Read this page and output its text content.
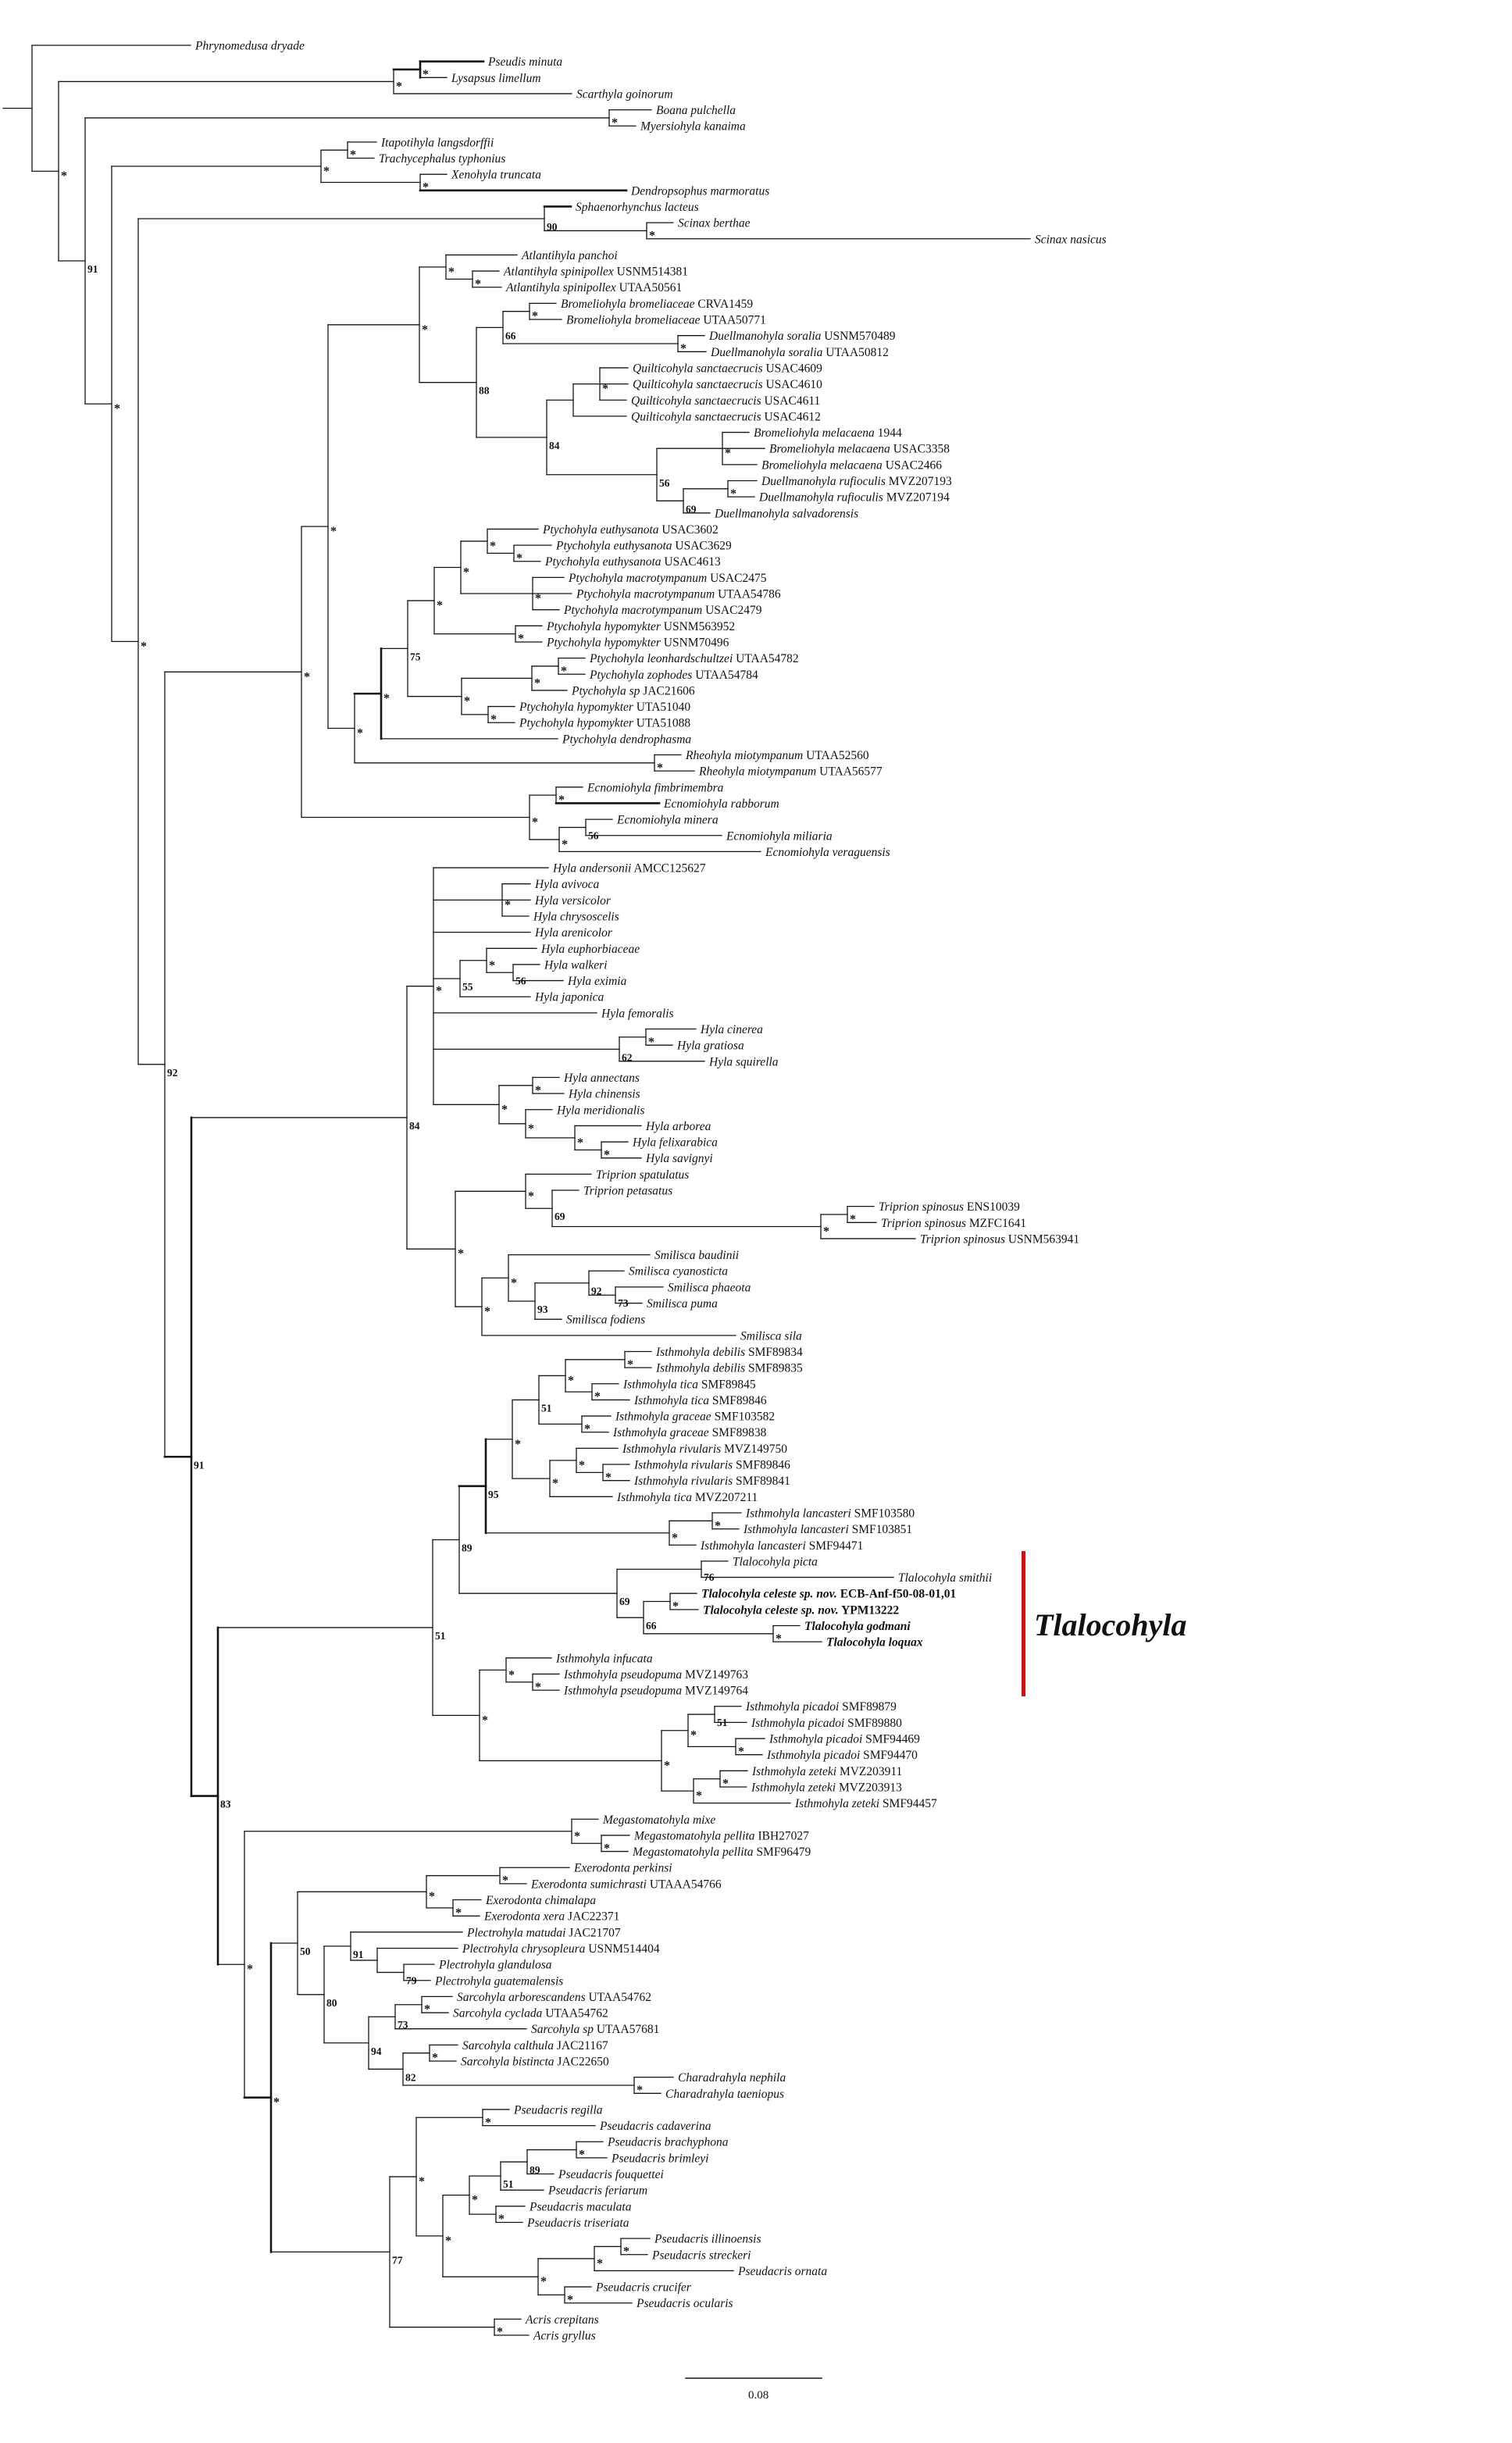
Phrynomedusa dryade
Pseudis minuta
Lysapsus limellum
*
Scarthyla goinorum
*
Boana pulchella
Myersiohyla kanaima
*
Itapotihyla langsdorffii
Trachycephalus typhonius
*
Xenohyla truncata
Dendropsophus marmoratus
*
*
Sphaenorhynchus lacteus
Scinax berthae
Scinax nasicus
*
90
Atlantihyla panchoi
Atlantihyla spinipollex USNM514381
Atlantihyla spinipollex UTAA50561
*
*
Bromeliohyla bromeliaceae CRVA1459
Bromeliohyla bromeliaceae UTAA50771
*
Duellmanohyla soralia USNM570489
Duellmanohyla soralia UTAA50812
*
66
Quilticohyla sanctaecrucis USAC4609
Quilticohyla sanctaecrucis USAC4610
Quilticohyla sanctaecrucis USAC4611
*
Quilticohyla sanctaecrucis USAC4612
Bromeliohyla melacaena 1944
Bromeliohyla melacaena USAC3358
Bromeliohyla melacaena USAC2466
*
Duellmanohyla rufioculis MVZ207193
Duellmanohyla rufioculis MVZ207194
*
Duellmanohyla salvadorensis
69
56
84
88
*
Ptychohyla euthysanota USAC3602
Ptychohyla euthysanota USAC3629
Ptychohyla euthysanota USAC4613
*
*
Ptychohyla macrotympanum USAC2475
Ptychohyla macrotympanum UTAA54786
Ptychohyla macrotympanum USAC2479
*
*
Ptychohyla hypomykter USNM563952
Ptychohyla hypomykter USNM70496
*
*
Ptychohyla leonhardschultzei UTAA54782
Ptychohyla zophodes UTAA54784
*
Ptychohyla sp JAC21606
*
Ptychohyla hypomykter UTA51040
Ptychohyla hypomykter UTA51088
*
*
75
Ptychohyla dendrophasma
*
Rheohyla miotympanum UTAA52560
Rheohyla miotympanum UTAA56577
*
*
*
Ecnomiohyla fimbrimembra
Ecnomiohyla rabborum
*
Ecnomiohyla minera
Ecnomiohyla miliaria
56
Ecnomiohyla veraguensis
*
*
*
Hyla andersonii AMCC125627
Hyla avivoca
Hyla versicolor
Hyla chrysoscelis
*
Hyla arenicolor
Hyla euphorbiaceae
Hyla walkeri
Hyla eximia
56
*
Hyla japonica
55
Hyla femoralis
Hyla cinerea
Hyla gratiosa
*
Hyla squirella
62
Hyla annectans
Hyla chinensis
*
Hyla meridionalis
Hyla arborea
Hyla felixarabica
Hyla savignyi
*
*
*
*
*
Triprion spatulatus
Triprion petasatus
Triprion spinosus ENS10039
Triprion spinosus MZFC1641
*
Triprion spinosus USNM563941
*
69
*
Smilisca baudinii
Smilisca cyanosticta
Smilisca phaeota
Smilisca puma
73
92
Smilisca fodiens
93
*
Smilisca sila
*
*
84
Isthmohyla debilis SMF89834
Isthmohyla debilis SMF89835
*
Isthmohyla tica SMF89845
Isthmohyla tica SMF89846
*
*
Isthmohyla graceae SMF103582
Isthmohyla graceae SMF89838
*
51
Isthmohyla rivularis MVZ149750
Isthmohyla rivularis SMF89846
Isthmohyla rivularis SMF89841
*
*
Isthmohyla tica MVZ207211
*
*
Isthmohyla lancasteri SMF103580
Isthmohyla lancasteri SMF103851
*
Isthmohyla lancasteri SMF94471
*
95
Tlalocohyla picta
Tlalocohyla smithii
76
Tlalocohyla celeste sp. nov. ECB-Anf-f50-08-01,01
Tlalocohyla celeste sp. nov. YPM13222
*
Tlalocohyla godmani
Tlalocohyla loquax
*
66
69
89
Isthmohyla infucata
Isthmohyla pseudopuma MVZ149763
Isthmohyla pseudopuma MVZ149764
*
*
Isthmohyla picadoi SMF89879
Isthmohyla picadoi SMF89880
51
Isthmohyla picadoi SMF94469
Isthmohyla picadoi SMF94470
*
*
Isthmohyla zeteki MVZ203911
Isthmohyla zeteki MVZ203913
*
Isthmohyla zeteki SMF94457
*
*
*
51
Megastomatohyla mixe
Megastomatohyla pellita IBH27027
Megastomatohyla pellita SMF96479
*
*
Exerodonta perkinsi
Exerodonta sumichrasti UTAAA54766
*
Exerodonta chimalapa
Exerodonta xera JAC22371
*
*
Plectrohyla matudai JAC21707
Plectrohyla chrysopleura USNM514404
Plectrohyla glandulosa
Plectrohyla guatemalensis
79
91
Sarcohyla arborescandens UTAA54762
Sarcohyla cyclada UTAA54762
*
Sarcohyla sp UTAA57681
73
Sarcohyla calthula JAC21167
Sarcohyla bistincta JAC22650
*
Charadrahyla nephila
Charadrahyla taeniopus
*
82
94
80
50
Pseudacris regilla
Pseudacris cadaverina
*
Pseudacris brachyphona
Pseudacris brimleyi
*
Pseudacris fouquettei
89
Pseudacris feriarum
51
Pseudacris maculata
Pseudacris triseriata
*
*
Pseudacris illinoensis
Pseudacris streckeri
*
Pseudacris ornata
*
Pseudacris crucifer
Pseudacris ocularis
*
*
*
*
Acris crepitans
Acris gryllus
*
77
*
*
83
91
92
*
*
91
*
Tlalocohyla
0.08
